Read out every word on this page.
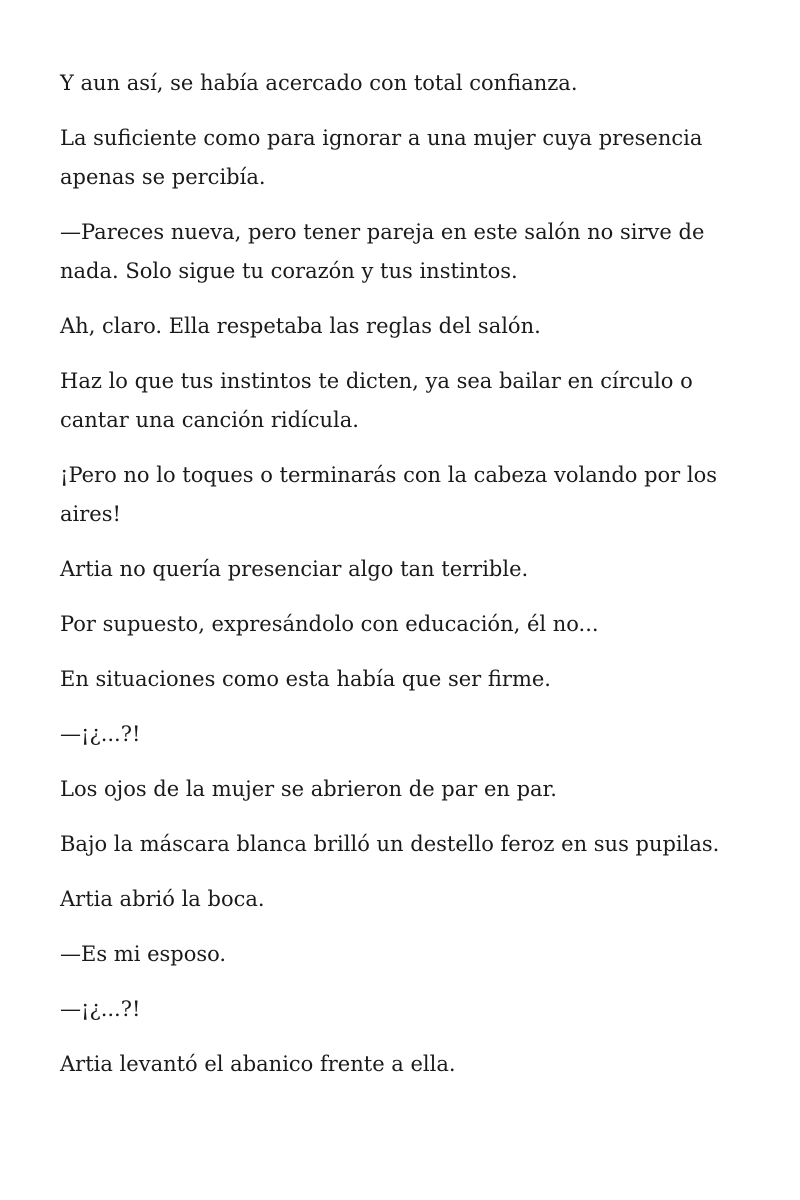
Y aun así, se había acercado con total confianza.

La suficiente como para ignorar a una mujer cuya presencia apenas se percibía.

—Pareces nueva, pero tener pareja en este salón no sirve de nada. Solo sigue tu corazón y tus instintos.

Ah, claro. Ella respetaba las reglas del salón.

Haz lo que tus instintos te dicten, ya sea bailar en círculo o cantar una canción ridícula.

¡Pero no lo toques o terminarás con la cabeza volando por los aires!

Artia no quería presenciar algo tan terrible.

Por supuesto, expresándolo con educación, él no...

En situaciones como esta había que ser firme.

—¡¿...?!

Los ojos de la mujer se abrieron de par en par.

Bajo la máscara blanca brilló un destello feroz en sus pupilas.

Artia abrió la boca.

—Es mi esposo.

—¡¿...?!

Artia levantó el abanico frente a ella.
